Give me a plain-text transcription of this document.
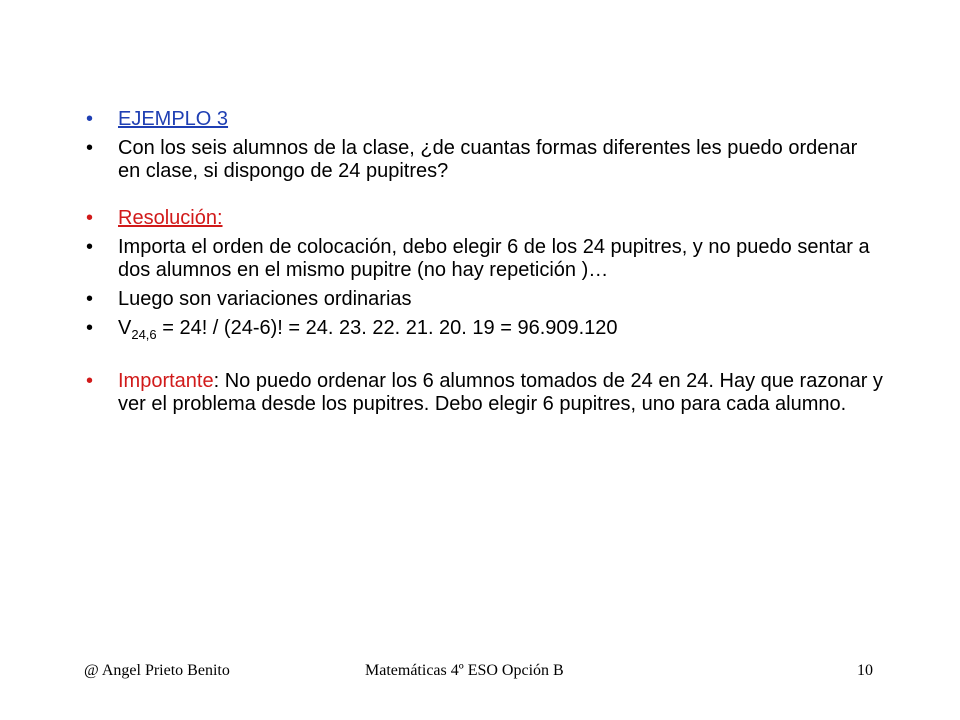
• EJEMPLO 3
• Con los seis alumnos de la clase, ¿de cuantas formas diferentes les puedo ordenar en clase, si dispongo de 24 pupitres?
• Resolución:
• Importa el orden de colocación, debo elegir 6 de los 24 pupitres, y no puedo sentar a dos alumnos en el mismo pupitre (no hay repetición )…
• Luego son variaciones ordinarias
• $V_{24,6} = 24$! / (24-6)! = 24. 23. 22. 21. 20. 19 = 96.909.120
• Importante: No puedo ordenar los 6 alumnos tomados de 24 en 24. Hay que razonar y ver el problema desde los pupitres. Debo elegir 6 pupitres, uno para cada alumno.
@ Angel Prieto Benito	Matemáticas 4º ESO Opción B	10
